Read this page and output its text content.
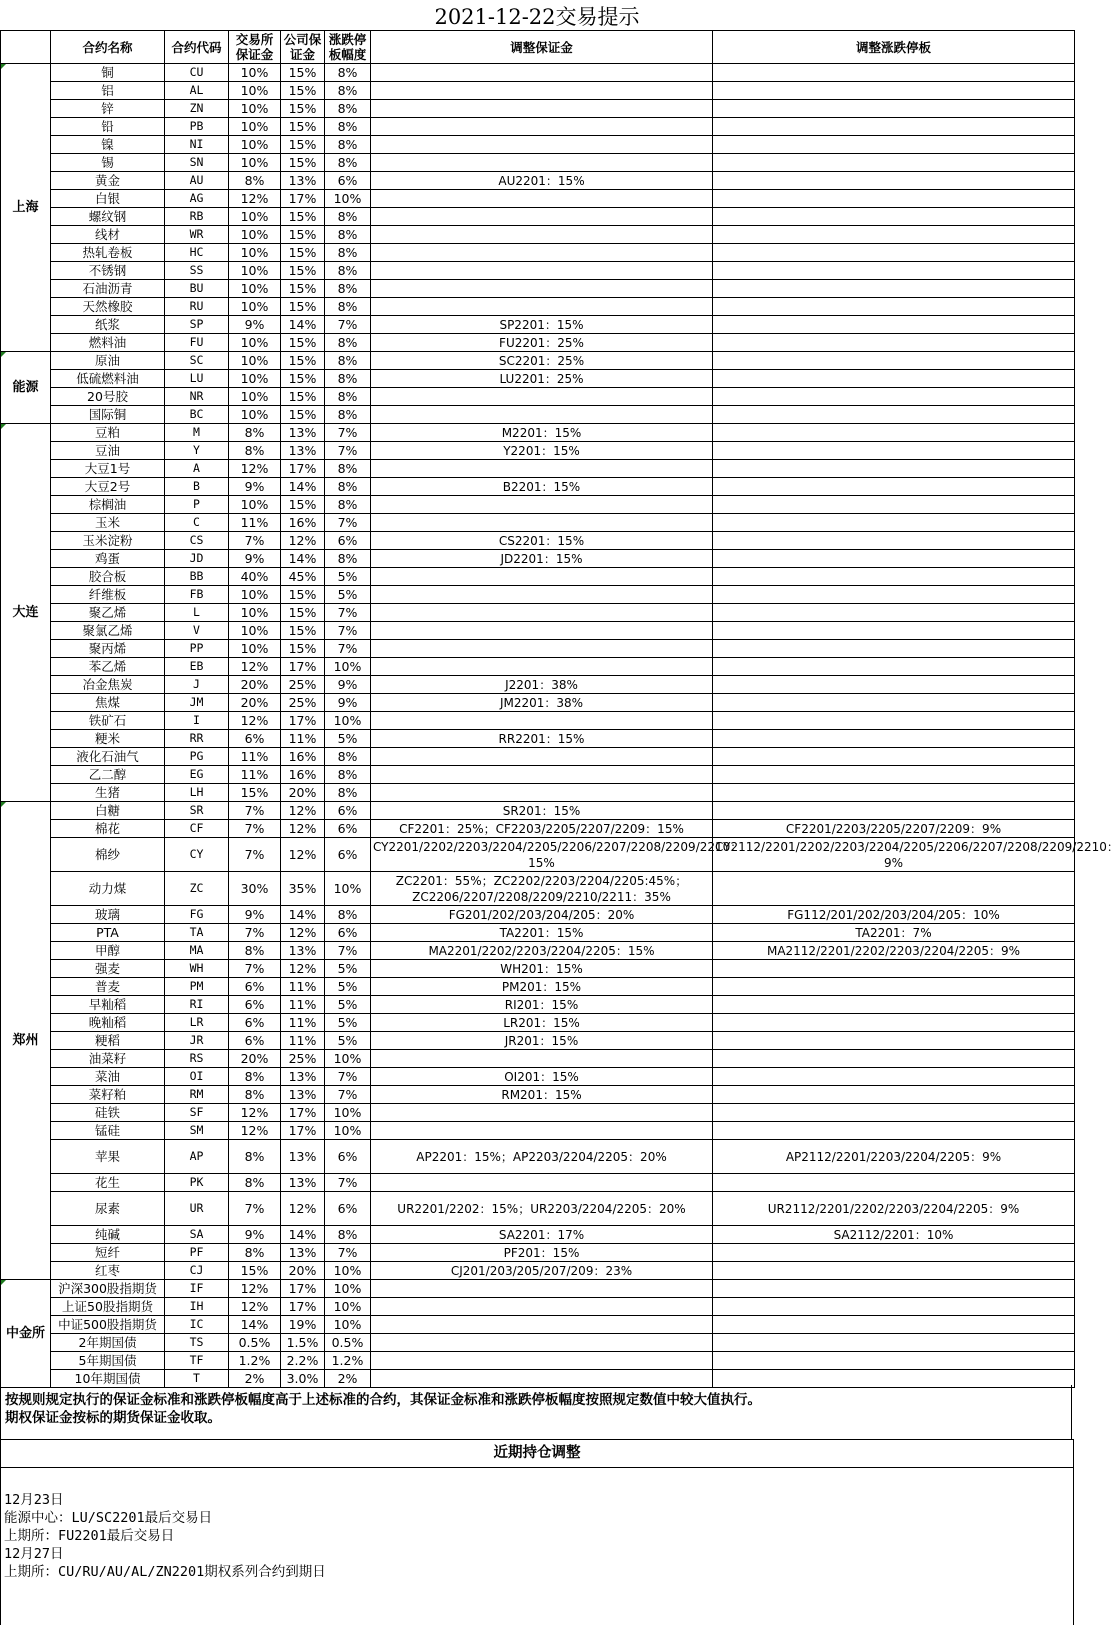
2021-12-22交易提示
	合约名称	合约代码	交易所保证金	公司保证金	涨跌停板幅度	调整保证金	调整涨跌停板
上海	铜	CU	10%	15%	8%		
	铝	AL	10%	15%	8%		
	锌	ZN	10%	15%	8%		
	铅	PB	10%	15%	8%		
	镍	NI	10%	15%	8%		
	锡	SN	10%	15%	8%		
	黄金	AU	8%	13%	6%	AU2201：15%	
	白银	AG	12%	17%	10%		
	螺纹钢	RB	10%	15%	8%		
	线材	WR	10%	15%	8%		
	热轧卷板	HC	10%	15%	8%		
	不锈钢	SS	10%	15%	8%		
	石油沥青	BU	10%	15%	8%		
	天然橡胶	RU	10%	15%	8%		
	纸浆	SP	9%	14%	7%	SP2201：15%	
	燃料油	FU	10%	15%	8%	FU2201：25%	
能源	原油	SC	10%	15%	8%	SC2201：25%	
	低硫燃料油	LU	10%	15%	8%	LU2201：25%	
	20号胶	NR	10%	15%	8%		
	国际铜	BC	10%	15%	8%		
大连	豆粕	M	8%	13%	7%	M2201：15%	
	豆油	Y	8%	13%	7%	Y2201：15%	
	大豆1号	A	12%	17%	8%		
	大豆2号	B	9%	14%	8%	B2201：15%	
	棕榈油	P	10%	15%	8%		
	玉米	C	11%	16%	7%		
	玉米淀粉	CS	7%	12%	6%	CS2201：15%	
	鸡蛋	JD	9%	14%	8%	JD2201：15%	
	胶合板	BB	40%	45%	5%		
	纤维板	FB	10%	15%	5%		
	聚乙烯	L	10%	15%	7%		
	聚氯乙烯	V	10%	15%	7%		
	聚丙烯	PP	10%	15%	7%		
	苯乙烯	EB	12%	17%	10%		
	冶金焦炭	J	20%	25%	9%	J2201：38%	
	焦煤	JM	20%	25%	9%	JM2201：38%	
	铁矿石	I	12%	17%	10%		
	粳米	RR	6%	11%	5%	RR2201：15%	
	液化石油气	PG	11%	16%	8%		
	乙二醇	EG	11%	16%	8%		
	生猪	LH	15%	20%	8%		
郑州	白糖	SR	7%	12%	6%	SR201：15%	
	棉花	CF	7%	12%	6%	CF2201：25%；CF2203/2205/2207/2209：15%	CF2201/2203/2205/2207/2209：9%
	棉纱	CY	7%	12%	6%	CY2201/2202/2203/2204/2205/2206/2207/2208/2209/2210：15%	CY2112/2201/2202/2203/2204/2205/2206/2207/2208/2209/2210：9%
	动力煤	ZC	30%	35%	10%	ZC2201：55%；ZC2202/2203/2204/2205:45%；ZC2206/2207/2208/2209/2210/2211：35%	
	玻璃	FG	9%	14%	8%	FG201/202/203/204/205：20%	FG112/201/202/203/204/205：10%
	PTA	TA	7%	12%	6%	TA2201：15%	TA2201：7%
	甲醇	MA	8%	13%	7%	MA2201/2202/2203/2204/2205：15%	MA2112/2201/2202/2203/2204/2205：9%
	强麦	WH	7%	12%	5%	WH201：15%	
	普麦	PM	6%	11%	5%	PM201：15%	
	早籼稻	RI	6%	11%	5%	RI201：15%	
	晚籼稻	LR	6%	11%	5%	LR201：15%	
	粳稻	JR	6%	11%	5%	JR201：15%	
	油菜籽	RS	20%	25%	10%		
	菜油	OI	8%	13%	7%	OI201：15%	
	菜籽粕	RM	8%	13%	7%	RM201：15%	
	硅铁	SF	12%	17%	10%		
	锰硅	SM	12%	17%	10%		
	苹果	AP	8%	13%	6%	AP2201：15%；AP2203/2204/2205：20%	AP2112/2201/2203/2204/2205：9%
	花生	PK	8%	13%	7%		
	尿素	UR	7%	12%	6%	UR2201/2202：15%；UR2203/2204/2205：20%	UR2112/2201/2202/2203/2204/2205：9%
	纯碱	SA	9%	14%	8%	SA2201：17%	SA2112/2201：10%
	短纤	PF	8%	13%	7%	PF201：15%	
	红枣	CJ	15%	20%	10%	CJ201/203/205/207/209：23%	
中金所	沪深300股指期货	IF	12%	17%	10%		
	上证50股指期货	IH	12%	17%	10%		
	中证500股指期货	IC	14%	19%	10%		
	2年期国债	TS	0.5%	1.5%	0.5%		
	5年期国债	TF	1.2%	2.2%	1.2%		
	10年期国债	T	2%	3.0%	2%		
按规则规定执行的保证金标准和涨跌停板幅度高于上述标准的合约，其保证金标准和涨跌停板幅度按照规定数值中较大值执行。
期权保证金按标的期货保证金收取。
近期持仓调整
12月23日
能源中心：LU/SC2201最后交易日
上期所：FU2201最后交易日
12月27日
上期所：CU/RU/AU/AL/ZN2201期权系列合约到期日
